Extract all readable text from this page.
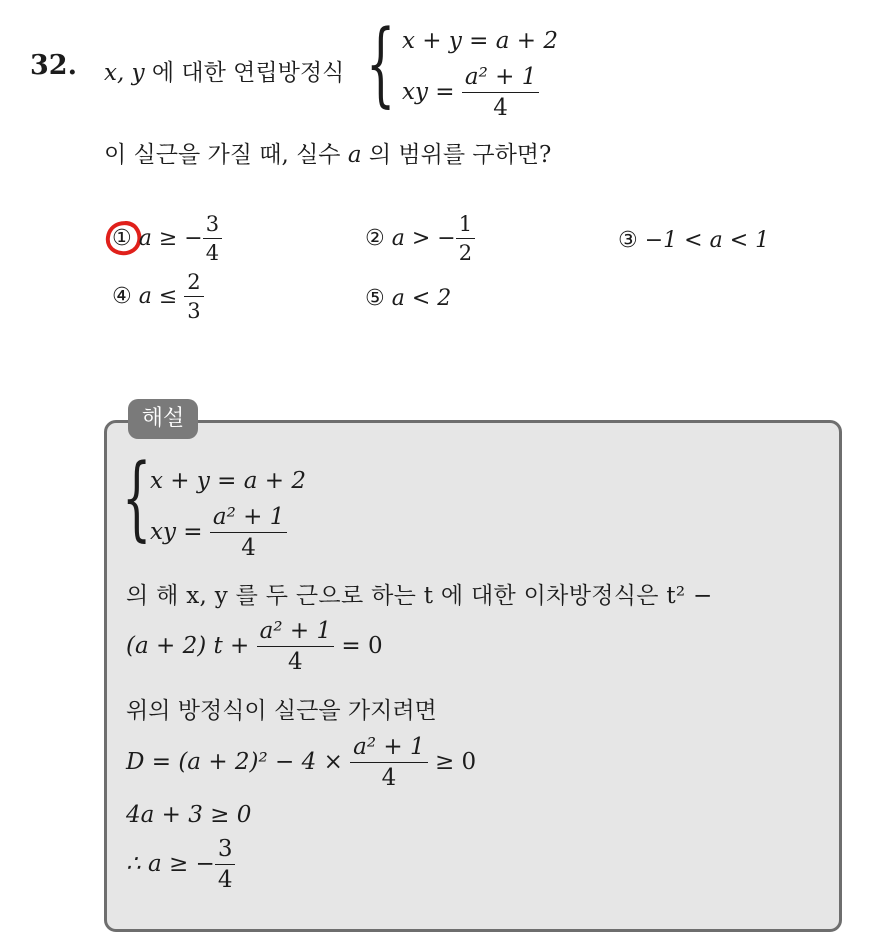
32. x, y 에 대한 연립방정식 { x + y = a + 2
xy = $\frac{\text{a² + 1}}{4}$
이 실근을 가질 때, 실수 a 의 범위를 구하면?
① a ≥ − $\frac{3}{4}$	② a > − $\frac{1}{2}$	③ −1 < a < 1
④ $a \le \frac{2}{3}$	⑤ a < 2
해설
{
x + y = a + 2
xy = $\frac{\text{a² + 1}}{4}$
의 해 x, y 를 두 근으로 하는 t 에 대한 이차방정식은 t² −
(a + 2) $t + \frac{\text{a² + 1}}{4} = 0$
위의 방정식이 실근을 가지려면
$D = (a + 2)^2 - 4 \times \frac{\text{a² + 1}}{4} \ge 0$
4a + 3 ≥ 0
∴ a ≥ − $\frac{3}{4}$
